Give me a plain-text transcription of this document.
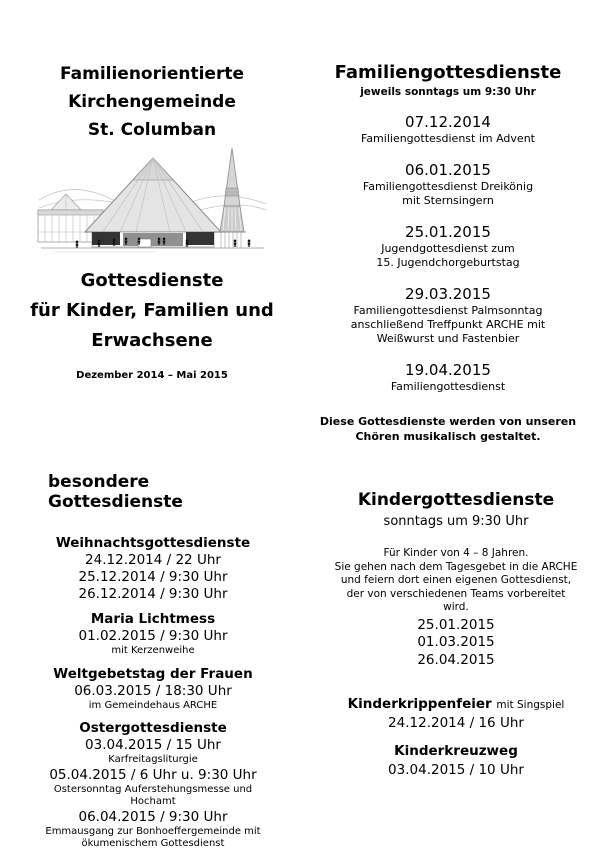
Familienorientierte
Kirchengemeinde
St. Columban
Gottesdienste
für Kinder, Familien und
Erwachsene
Dezember 2014 – Mai 2015
Familiengottesdienste
jeweils sonntags um 9:30 Uhr
07.12.2014
Familiengottesdienst im Advent
06.01.2015
Familiengottesdienst Dreikönig
mit Sternsingern
25.01.2015
Jugendgottesdienst zum
15. Jugendchorgeburtstag
29.03.2015
Familiengottesdienst Palmsonntag
anschließend Treffpunkt ARCHE mit
Weißwurst und Fastenbier
19.04.2015
Familiengottesdienst
Diese Gottesdienste werden von unseren
Chören musikalisch gestaltet.
besondere Gottesdienste
Weihnachtsgottesdienste
24.12.2014 / 22 Uhr
25.12.2014 / 9:30 Uhr
26.12.2014 / 9:30 Uhr
Maria Lichtmess
01.02.2015 / 9:30 Uhr
mit Kerzenweihe
Weltgebetstag der Frauen
06.03.2015 / 18:30 Uhr
im Gemeindehaus ARCHE
Ostergottesdienste
03.04.2015 / 15 Uhr
Karfreitagsliturgie
05.04.2015 / 6 Uhr u. 9:30 Uhr
Ostersonntag Auferstehungsmesse und
Hochamt
06.04.2015 / 9:30 Uhr
Emmausgang zur Bonhoeffergemeinde mit
ökumenischem Gottesdienst
Kindergottesdienste
sonntags um 9:30 Uhr
Für Kinder von 4 – 8 Jahren.
Sie gehen nach dem Tagesgebet in die ARCHE
und feiern dort einen eigenen Gottesdienst,
der von verschiedenen Teams vorbereitet
wird.
25.01.2015
01.03.2015
26.04.2015
Kinderkrippenfeier mit Singspiel
24.12.2014 / 16 Uhr
Kinderkreuzweg
03.04.2015 / 10 Uhr
